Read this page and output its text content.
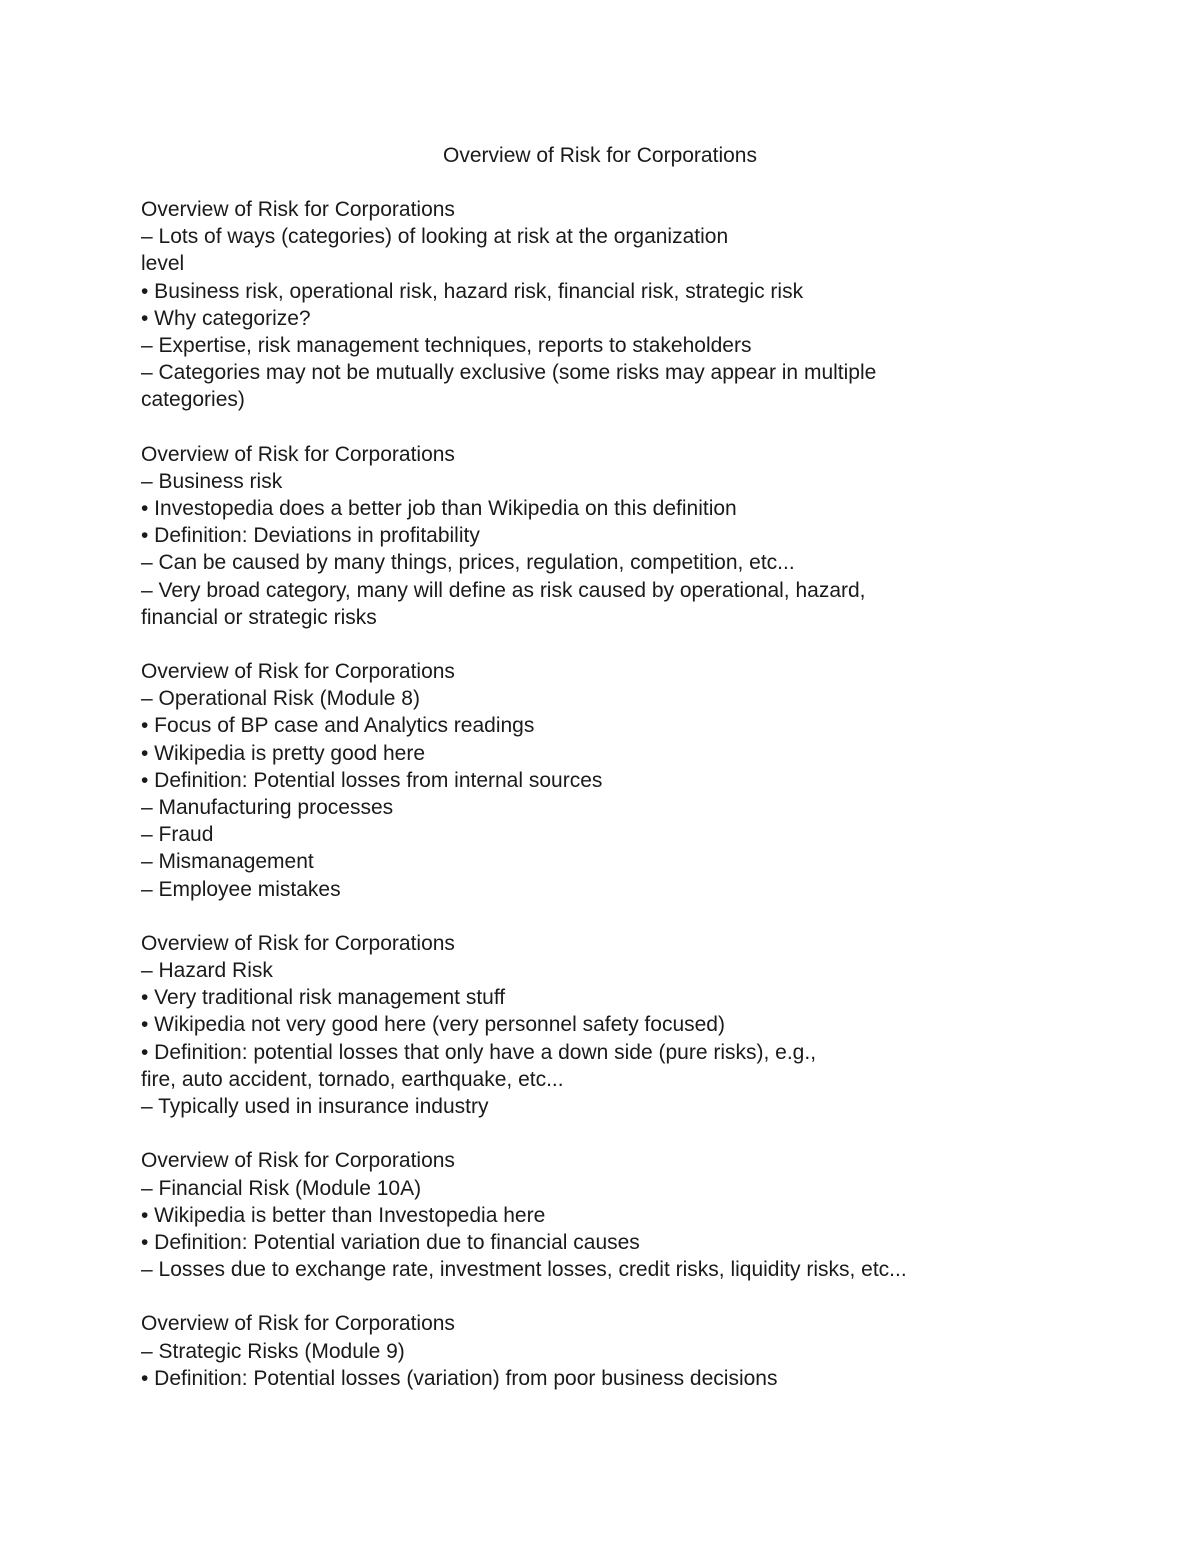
Overview of Risk for Corporations

Overview of Risk for Corporations

– Lots of ways (categories) of looking at risk at the organization

level

• Business risk, operational risk, hazard risk, financial risk, strategic risk

• Why categorize?

– Expertise, risk management techniques, reports to stakeholders

– Categories may not be mutually exclusive (some risks may appear in multiple

categories)

Overview of Risk for Corporations

– Business risk

• Investopedia does a better job than Wikipedia on this definition

• Definition: Deviations in profitability

– Can be caused by many things, prices, regulation, competition, etc...

– Very broad category, many will define as risk caused by operational, hazard,

financial or strategic risks

Overview of Risk for Corporations

– Operational Risk (Module 8)

• Focus of BP case and Analytics readings

• Wikipedia is pretty good here

• Definition: Potential losses from internal sources

– Manufacturing processes

– Fraud

– Mismanagement

– Employee mistakes

Overview of Risk for Corporations

– Hazard Risk

• Very traditional risk management stuff

• Wikipedia not very good here (very personnel safety focused)

• Definition: potential losses that only have a down side (pure risks), e.g.,

fire, auto accident, tornado, earthquake, etc...

– Typically used in insurance industry

Overview of Risk for Corporations

– Financial Risk (Module 10A)

• Wikipedia is better than Investopedia here

• Definition: Potential variation due to financial causes

– Losses due to exchange rate, investment losses, credit risks, liquidity risks, etc...

Overview of Risk for Corporations

– Strategic Risks (Module 9)

• Definition: Potential losses (variation) from poor business decisions
